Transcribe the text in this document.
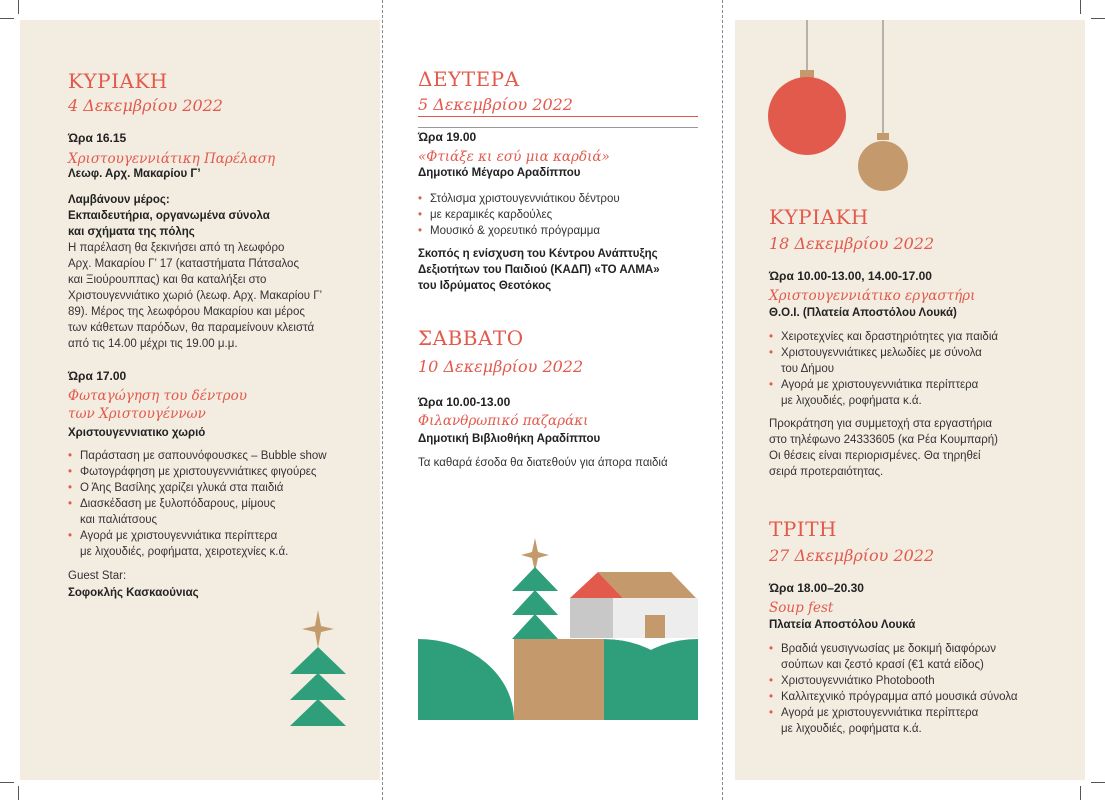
ΚΥΡΙΑΚΗ
4 Δεκεμβρίου 2022
Ώρα 16.15
Χριστουγεννιάτικη Παρέλαση
Λεωφ. Αρχ. Μακαρίου Γ’
Λαμβάνουν μέρος:
Εκπαιδευτήρια, οργανωμένα σύνολα
και σχήματα της πόλης
Η παρέλαση θα ξεκινήσει από τη λεωφόρο
Αρχ. Μακαρίου Γ’ 17 (καταστήματα Πάτσαλος
και Ξιούρουππας) και θα καταλήξει στο
Χριστουγεννιάτικο χωριό (λεωφ. Αρχ. Μακαρίου Γ’
89). Μέρος της λεωφόρου Μακαρίου και μέρος
των κάθετων παρόδων, θα παραμείνουν κλειστά
από τις 14.00 μέχρι τις 19.00 μ.μ.
Ώρα 17.00
Φωταγώγηση του δέντρου
των Χριστουγέννων
Χριστουγεννιατικο χωριό
• Παράσταση με σαπουνόφουσκες – Bubble show
• Φωτογράφηση με χριστουγεννιάτικες φιγούρες
• Ο Άης Βασίλης χαρίζει γλυκά στα παιδιά
• Διασκέδαση με ξυλοπόδαρους, μίμους
και παλιάτσους
• Αγορά με χριστουγεννιάτικα περίπτερα
με λιχουδιές, ροφήματα, χειροτεχνίες κ.ά.
Guest Star:
Σοφοκλής Κασκαούνιας
ΔΕΥΤΕΡΑ
5 Δεκεμβρίου 2022
Ώρα 19.00
«Φτιάξε κι εσύ μια καρδιά»
Δημοτικό Μέγαρο Αραδίππου
• Στόλισμα χριστουγεννιάτικου δέντρου
• με κεραμικές καρδούλες
• Μουσικό & χορευτικό πρόγραμμα
Σκοπός η ενίσχυση του Κέντρου Ανάπτυξης
Δεξιοτήτων του Παιδιού (ΚΑΔΠ) «ΤΟ ΑΛΜΑ»
του Ιδρύματος Θεοτόκος
ΣΑΒΒΑΤΟ
10 Δεκεμβρίου 2022
Ώρα 10.00-13.00
Φιλανθρωπικό παζαράκι
Δημοτική Βιβλιοθήκη Αραδίππου
Τα καθαρά έσοδα θα διατεθούν για άπορα παιδιά
ΚΥΡΙΑΚΗ
18 Δεκεμβρίου 2022
Ώρα 10.00-13.00, 14.00-17.00
Χριστουγεννιάτικο εργαστήρι
Θ.Ο.Ι. (Πλατεία Αποστόλου Λουκά)
• Χειροτεχνίες και δραστηριότητες για παιδιά
• Χριστουγεννιάτικες μελωδίες με σύνολα
του Δήμου
• Αγορά με χριστουγεννιάτικα περίπτερα
με λιχουδιές, ροφήματα κ.ά.
Προκράτηση για συμμετοχή στα εργαστήρια
στο τηλέφωνο 24333605 (κα Ρέα Κουμπαρή)
Οι θέσεις είναι περιορισμένες. Θα τηρηθεί
σειρά προτεραιότητας.
ΤΡΙΤΗ
27 Δεκεμβρίου 2022
Ώρα 18.00–20.30
Soup fest
Πλατεία Αποστόλου Λουκά
• Βραδιά γευσιγνωσίας με δοκιμή διαφόρων
σούπων και ζεστό κρασί (€1 κατά είδος)
• Χριστουγεννιάτικο Photobooth
• Καλλιτεχνικό πρόγραμμα από μουσικά σύνολα
• Αγορά με χριστουγεννιάτικα περίπτερα
με λιχουδιές, ροφήματα κ.ά.
